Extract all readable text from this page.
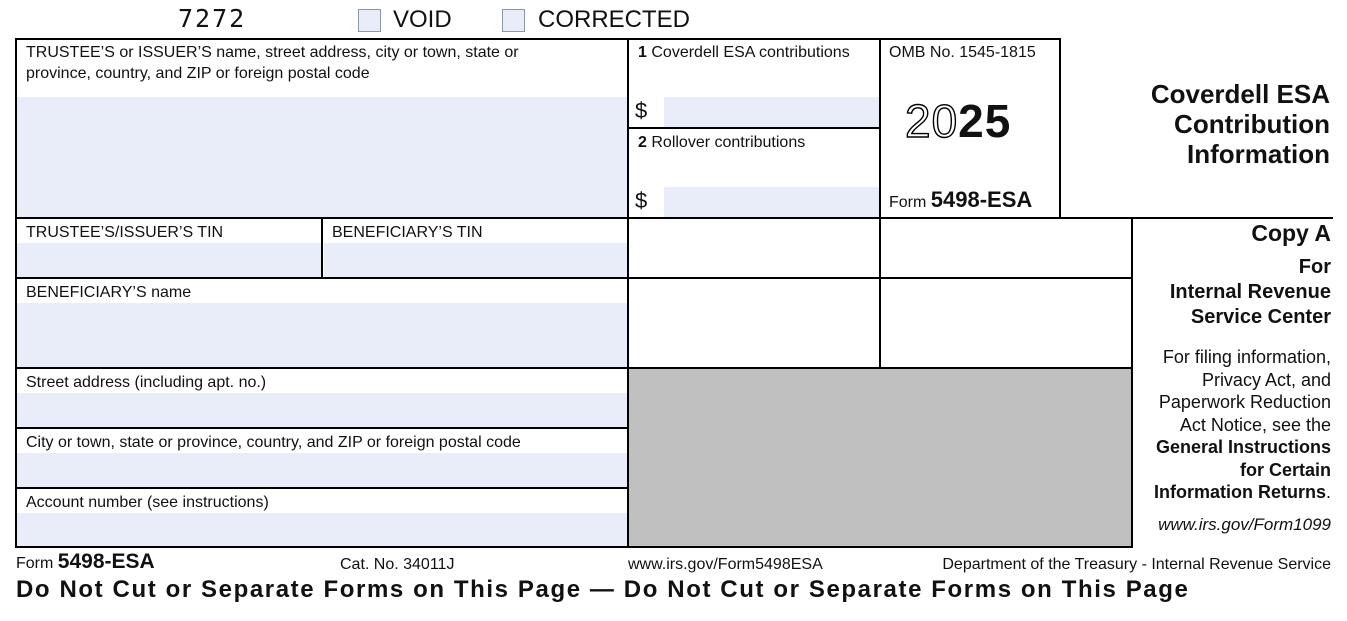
7272	VOID	CORRECTED
TRUSTEE’S or ISSUER’S name, street address, city or town, state or
province, country, and ZIP or foreign postal code
1 Coverdell ESA contributions
$
2 Rollover contributions
$
OMB No. 1545-1815
2025
Form 5498-ESA
Coverdell ESA
Contribution
Information
TRUSTEE’S/ISSUER’S TIN	BENEFICIARY’S TIN
BENEFICIARY’S name
Street address (including apt. no.)
City or town, state or province, country, and ZIP or foreign postal code
Account number (see instructions)
Copy A
For
Internal Revenue
Service Center
For filing information,
Privacy Act, and
Paperwork Reduction
Act Notice, see the
General Instructions
for Certain
Information Returns.
www.irs.gov/Form1099
Form 5498-ESA	Cat. No. 34011J	www.irs.gov/Form5498ESA	Department of the Treasury - Internal Revenue Service
Do Not Cut or Separate Forms on This Page — Do Not Cut or Separate Forms on This Page
